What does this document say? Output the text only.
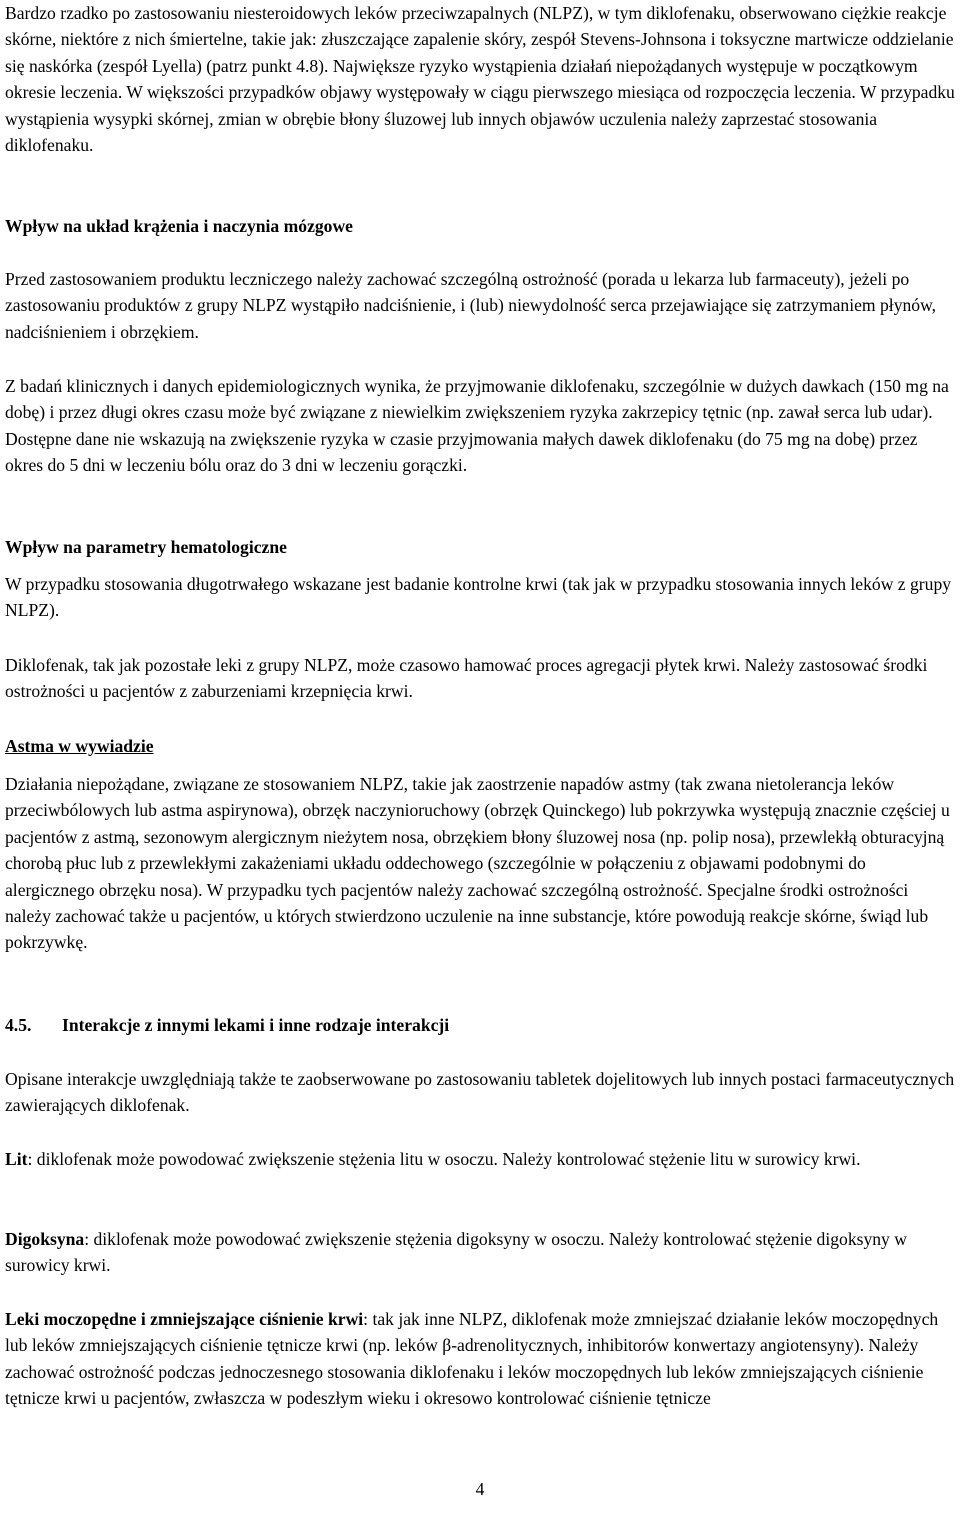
Bardzo rzadko po zastosowaniu niesteroidowych leków przeciwzapalnych (NLPZ), w tym diklofenaku, obserwowano ciężkie reakcje skórne, niektóre z nich śmiertelne, takie jak: złuszczające zapalenie skóry, zespół Stevens-Johnsona i toksyczne martwicze oddzielanie się naskórka (zespół Lyella) (patrz punkt 4.8). Największe ryzyko wystąpienia działań niepożądanych występuje w początkowym okresie leczenia. W większości przypadków objawy występowały w ciągu pierwszego miesiąca od rozpoczęcia leczenia. W przypadku wystąpienia wysypki skórnej, zmian w obrębie błony śluzowej lub innych objawów uczulenia należy zaprzestać stosowania diklofenaku.

Wpływ na układ krążenia i naczynia mózgowe

Przed zastosowaniem produktu leczniczego należy zachować szczególną ostrożność (porada u lekarza lub farmaceuty), jeżeli po zastosowaniu produktów z grupy NLPZ wystąpiło nadciśnienie, i (lub) niewydolność serca przejawiające się zatrzymaniem płynów, nadciśnieniem i obrzękiem.

Z badań klinicznych i danych epidemiologicznych wynika, że przyjmowanie diklofenaku, szczególnie w dużych dawkach (150 mg na dobę) i przez długi okres czasu może być związane z niewielkim zwiększeniem ryzyka zakrzepicy tętnic (np. zawał serca lub udar). Dostępne dane nie wskazują na zwiększenie ryzyka w czasie przyjmowania małych dawek diklofenaku (do 75 mg na dobę) przez okres do 5 dni w leczeniu bólu oraz do 3 dni w leczeniu gorączki.

Wpływ na parametry hematologiczne

W przypadku stosowania długotrwałego wskazane jest badanie kontrolne krwi (tak jak w przypadku stosowania innych leków z grupy NLPZ).

Diklofenak, tak jak pozostałe leki z grupy NLPZ, może czasowo hamować proces agregacji płytek krwi. Należy zastosować środki ostrożności u pacjentów z zaburzeniami krzepnięcia krwi.

Astma w wywiadzie

Działania niepożądane, związane ze stosowaniem NLPZ, takie jak zaostrzenie napadów astmy (tak zwana nietolerancja leków przeciwbólowych lub astma aspirynowa), obrzęk naczynioruchowy (obrzęk Quinckego) lub pokrzywka występują znacznie częściej u pacjentów z astmą, sezonowym alergicznym nieżytem nosa, obrzękiem błony śluzowej nosa (np. polip nosa), przewlekłą obturacyjną chorobą płuc lub z przewlekłymi zakażeniami układu oddechowego (szczególnie w połączeniu z objawami podobnymi do alergicznego obrzęku nosa). W przypadku tych pacjentów należy zachować szczególną ostrożność. Specjalne środki ostrożności należy zachować także u pacjentów, u których stwierdzono uczulenie na inne substancje, które powodują reakcje skórne, świąd lub pokrzywkę.

4.5. Interakcje z innymi lekami i inne rodzaje interakcji

Opisane interakcje uwzględniają także te zaobserwowane po zastosowaniu tabletek dojelitowych lub innych postaci farmaceutycznych zawierających diklofenak.

Lit: diklofenak może powodować zwiększenie stężenia litu w osoczu. Należy kontrolować stężenie litu w surowicy krwi.

Digoksyna: diklofenak może powodować zwiększenie stężenia digoksyny w osoczu. Należy kontrolować stężenie digoksyny w surowicy krwi.

Leki moczopędne i zmniejszające ciśnienie krwi: tak jak inne NLPZ, diklofenak może zmniejszać działanie leków moczopędnych lub leków zmniejszających ciśnienie tętnicze krwi (np. leków β-adrenolitycznych, inhibitorów konwertazy angiotensyny). Należy zachować ostrożność podczas jednoczesnego stosowania diklofenaku i leków moczopędnych lub leków zmniejszających ciśnienie tętnicze krwi u pacjentów, zwłaszcza w podeszłym wieku i okresowo kontrolować ciśnienie tętnicze

4
